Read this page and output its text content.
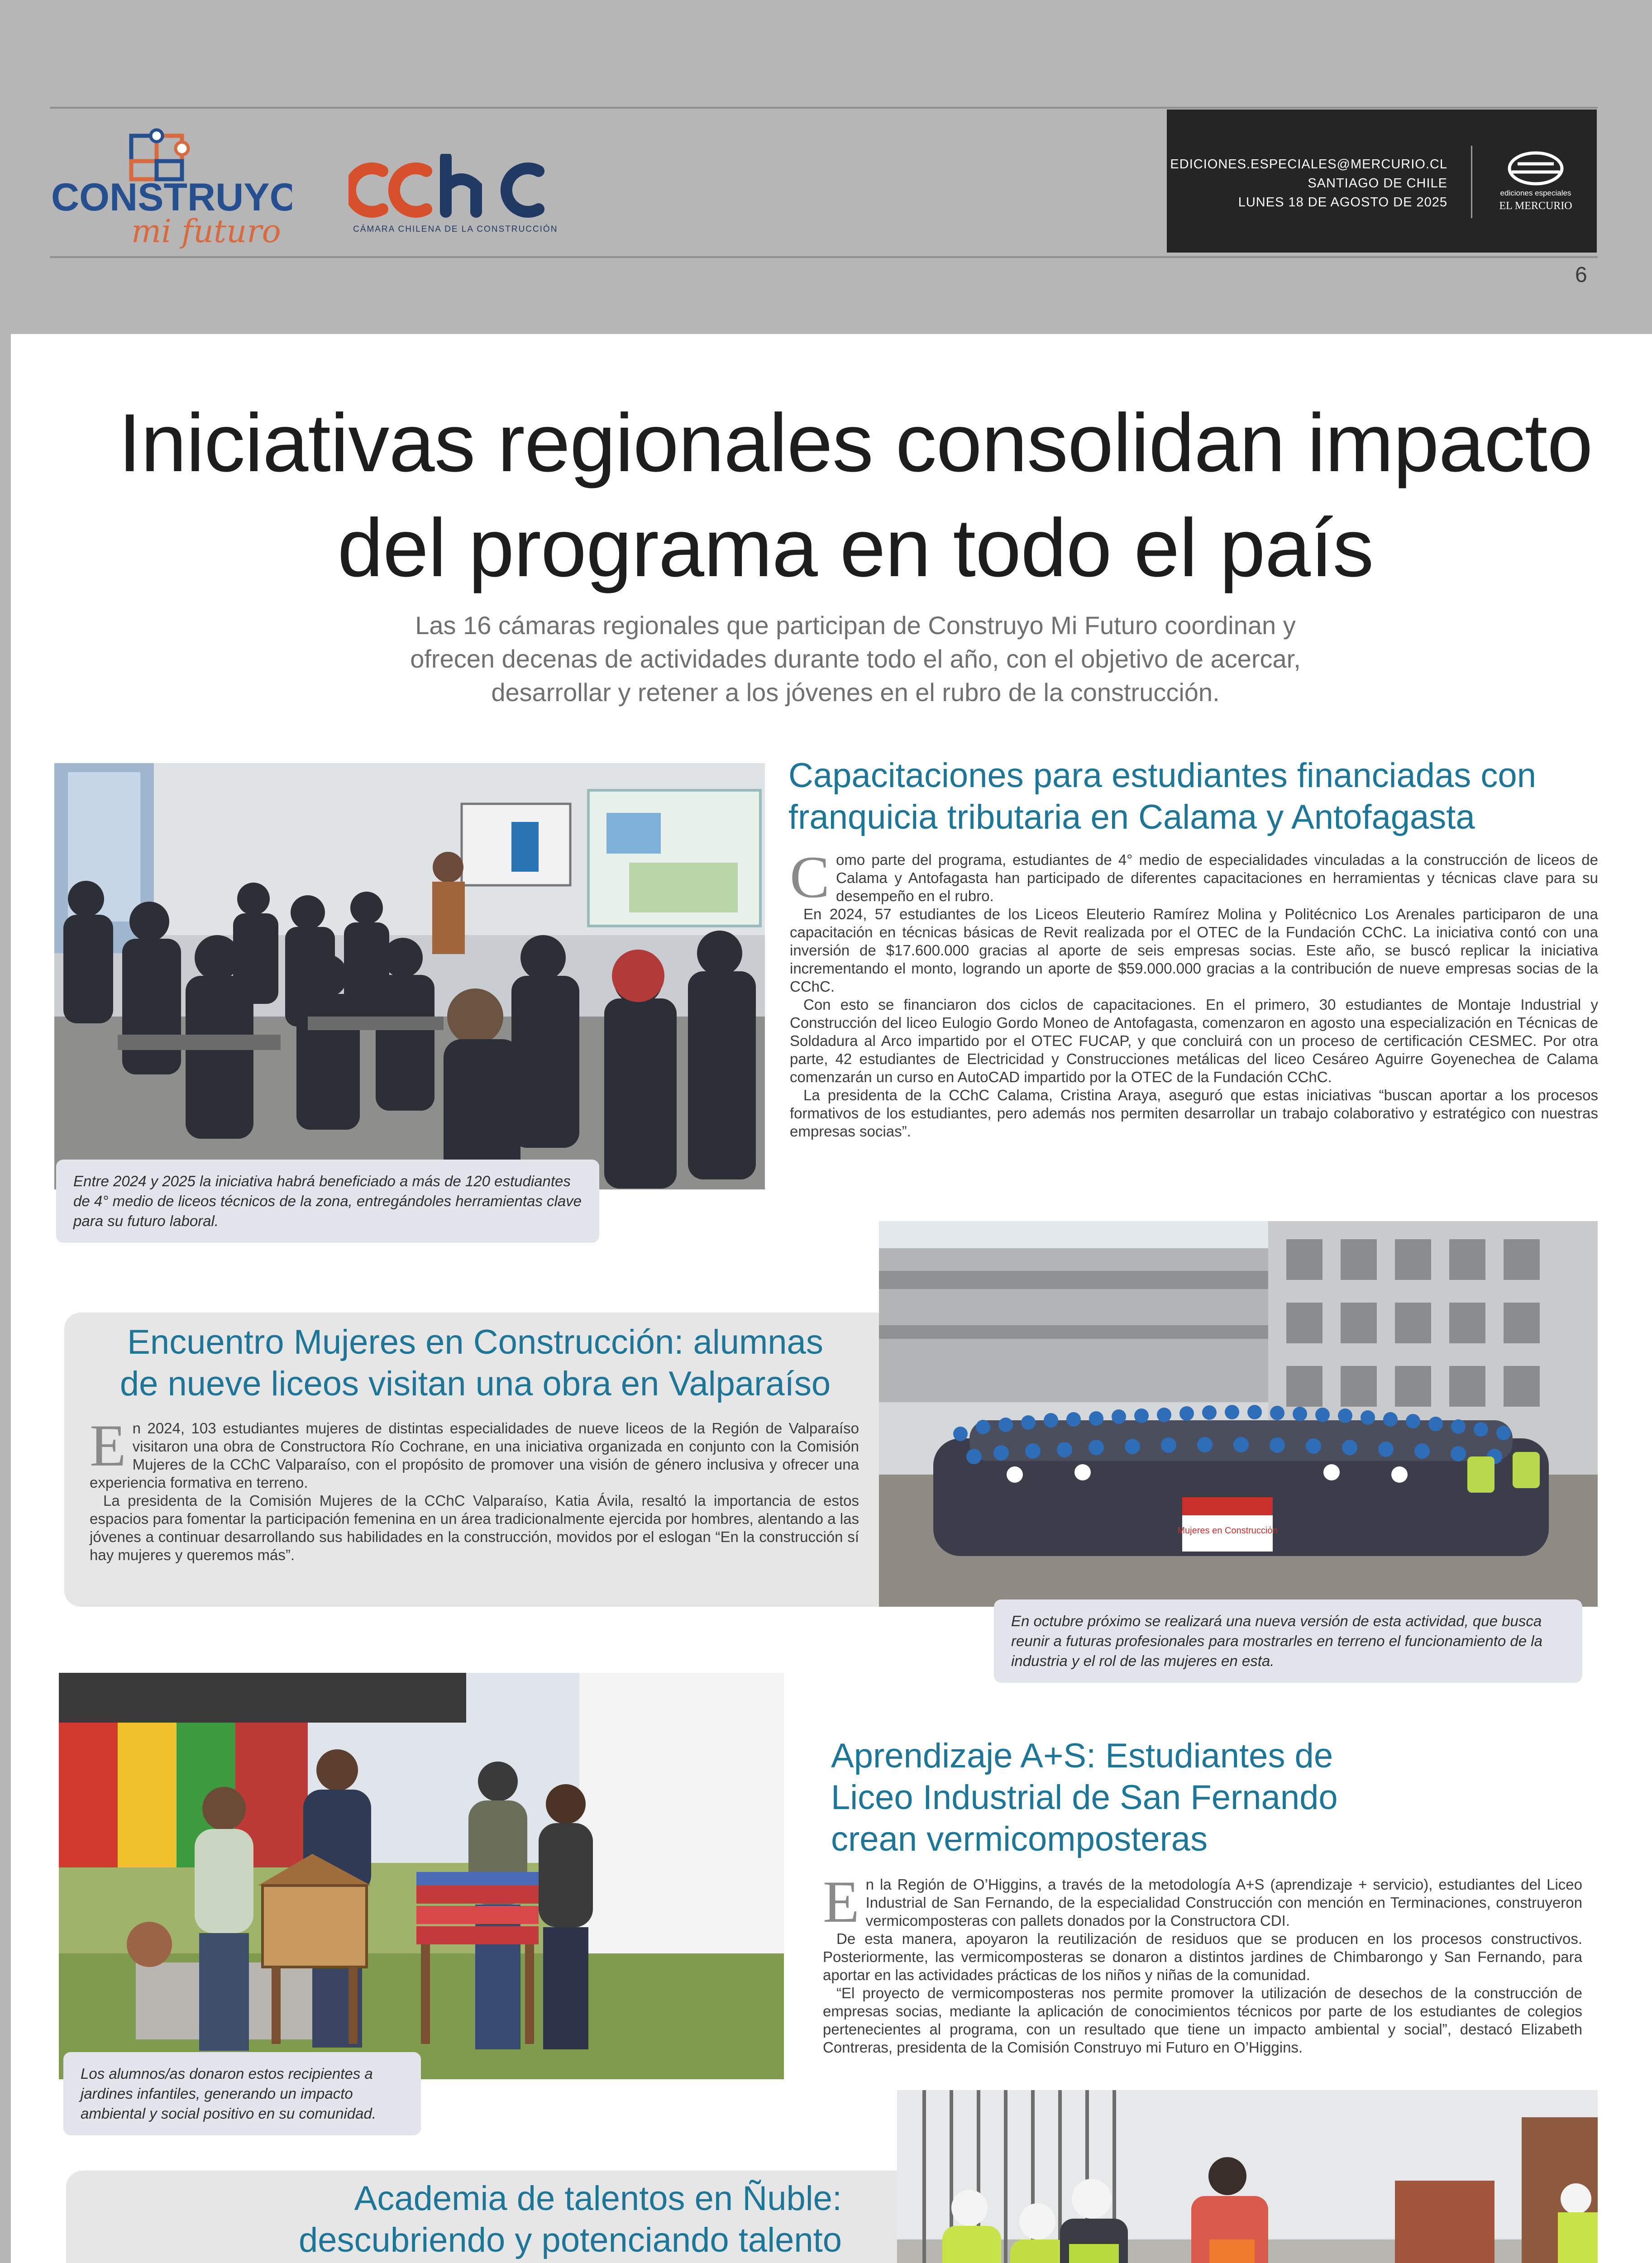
CONSTRUYO
mi futuro	CÁMARA CHILENA DE LA CONSTRUCCIÓN
EDICIONES.ESPECIALES@MERCURIO.CL
SANTIAGO DE CHILE
LUNES 18 DE AGOSTO DE 2025
ediciones especiales
EL MERCURIO
6
Iniciativas regionales consolidan impacto
del programa en todo el país
Las 16 cámaras regionales que participan de Construyo Mi Futuro coordinan y
ofrecen decenas de actividades durante todo el año, con el objetivo de acercar,
desarrollar y retener a los jóvenes en el rubro de la construcción.
Entre 2024 y 2025 la iniciativa habrá beneficiado a más de 120 estudiantes de 4° medio de liceos técnicos de la zona, entregándoles herramientas clave para su futuro laboral.
Capacitaciones para estudiantes financiadas con
franquicia tributaria en Calama y Antofagasta

Como parte del programa, estudiantes de 4° medio de especialidades vinculadas a la construcción de liceos de Calama y Antofagasta han participado de diferentes capacitaciones en herramientas y técnicas clave para su desempeño en el rubro.

En 2024, 57 estudiantes de los Liceos Eleuterio Ramírez Molina y Politécnico Los Arenales participaron de una capacitación en técnicas básicas de Revit realizada por el OTEC de la Fundación CChC. La iniciativa contó con una inversión de $17.600.000 gracias al aporte de seis empresas socias. Este año, se buscó replicar la iniciativa incrementando el monto, logrando un aporte de $59.000.000 gracias a la contribución de nueve empresas socias de la CChC.

Con esto se financiaron dos ciclos de capacitaciones. En el primero, 30 estudiantes de Montaje Industrial y Construcción del liceo Eulogio Gordo Moneo de Antofagasta, comenzaron en agosto una especialización en Técnicas de Soldadura al Arco impartido por el OTEC FUCAP, y que concluirá con un proceso de certificación CESMEC. Por otra parte, 42 estudiantes de Electricidad y Construcciones metálicas del liceo Cesáreo Aguirre Goyenechea de Calama comenzarán un curso en AutoCAD impartido por la OTEC de la Fundación CChC.

La presidenta de la CChC Calama, Cristina Araya, aseguró que estas iniciativas “buscan aportar a los procesos formativos de los estudiantes, pero además nos permiten desarrollar un trabajo colaborativo y estratégico con nuestras empresas socias”.

Encuentro Mujeres en Construcción: alumnas
de nueve liceos visitan una obra en Valparaíso

En 2024, 103 estudiantes mujeres de distintas especialidades de nueve liceos de la Región de Valparaíso visitaron una obra de Constructora Río Cochrane, en una iniciativa organizada en conjunto con la Comisión Mujeres de la CChC Valparaíso, con el propósito de promover una visión de género inclusiva y ofrecer una experiencia formativa en terreno.

La presidenta de la Comisión Mujeres de la CChC Valparaíso, Katia Ávila, resaltó la importancia de estos espacios para fomentar la participación femenina en un área tradicionalmente ejercida por hombres, alentando a las jóvenes a continuar desarrollando sus habilidades en la construcción, movidos por el eslogan “En la construcción sí hay mujeres y queremos más”.

Mujeres en Construcción
En octubre próximo se realizará una nueva versión de esta actividad, que busca reunir a futuras profesionales para mostrarles en terreno el funcionamiento de la industria y el rol de las mujeres en esta.
Los alumnos/as donaron estos recipientes a jardines infantiles, generando un impacto ambiental y social positivo en su comunidad.
Aprendizaje A+S: Estudiantes de
Liceo Industrial de San Fernando
crean vermicomposteras

En la Región de O’Higgins, a través de la metodología A+S (aprendizaje + servicio), estudiantes del Liceo Industrial de San Fernando, de la especialidad Construcción con mención en Terminaciones, construyeron vermicomposteras con pallets donados por la Constructora CDI.

De esta manera, apoyaron la reutilización de residuos que se producen en los procesos constructivos. Posteriormente, las vermicomposteras se donaron a distintos jardines de Chimbarongo y San Fernando, para aportar en las actividades prácticas de los niños y niñas de la comunidad.

“El proyecto de vermicomposteras nos permite promover la utilización de desechos de la construcción de empresas socias, mediante la aplicación de conocimientos técnicos por parte de los estudiantes de colegios pertenecientes al programa, con un resultado que tiene un impacto ambiental y social”, destacó Elizabeth Contreras, presidenta de la Comisión Construyo mi Futuro en O’Higgins.

Academia de talentos en Ñuble:
descubriendo y potenciando talento
